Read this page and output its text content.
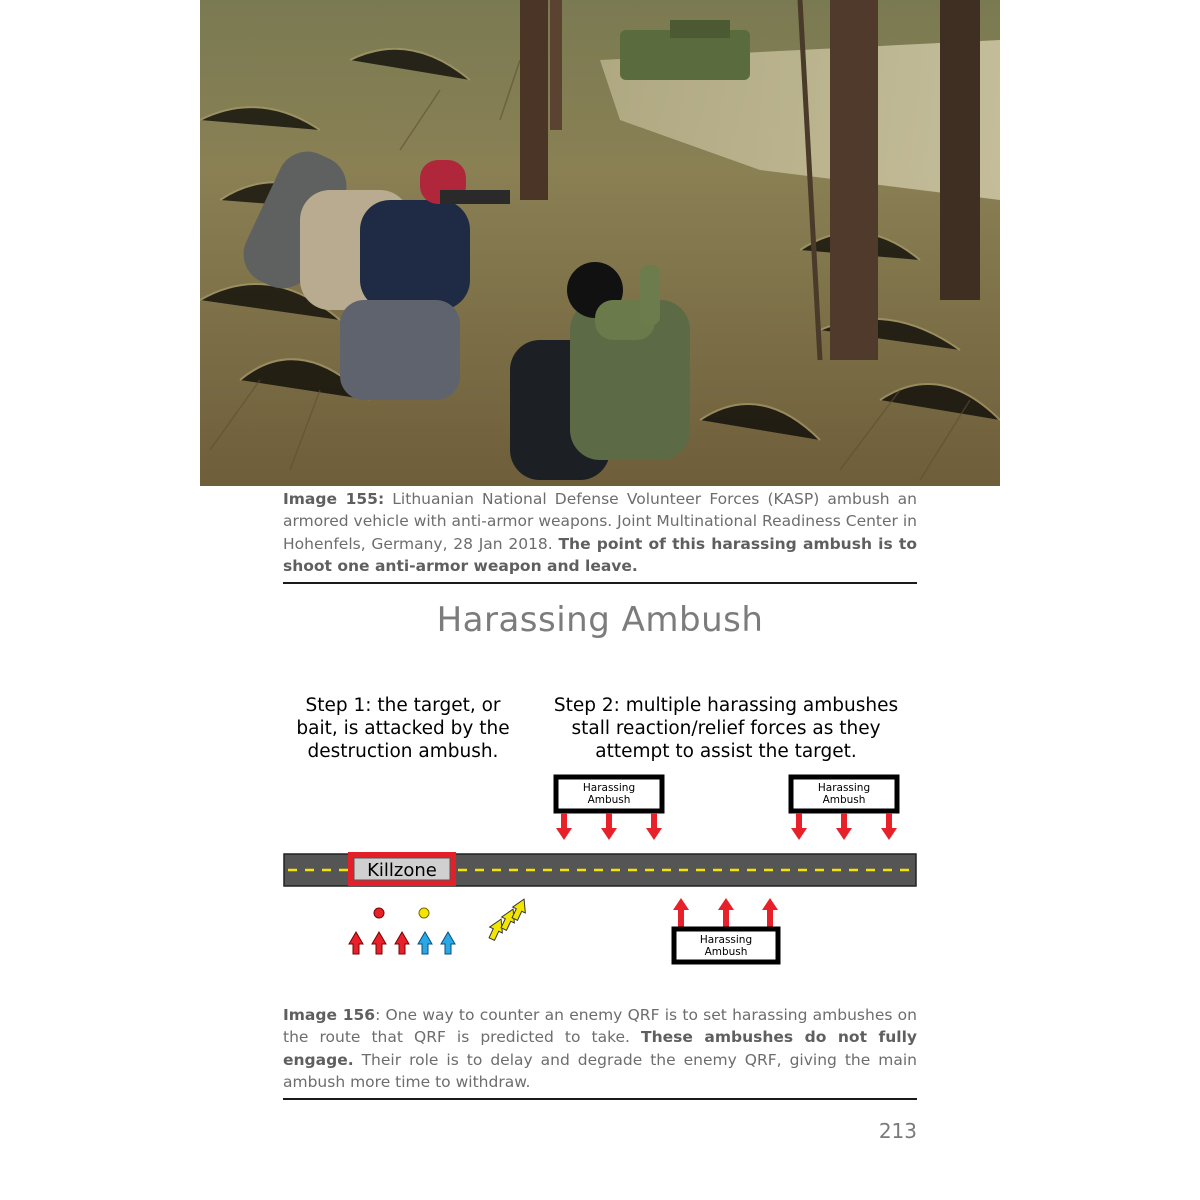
Image 155: Lithuanian National Defense Volunteer Forces (KASP) ambush an armored vehicle with anti-armor weapons. Joint Multinational Readiness Center in Hohenfels, Germany, 28 Jan 2018. The point of this harassing ambush is to shoot one anti-armor weapon and leave.
Harassing Ambush
Step 1: the target, or bait, is attacked by the destruction ambush.
Step 2: multiple harassing ambushes stall reaction/relief forces as they attempt to assist the target.
Killzone
Harassing
Ambush
Harassing
Ambush
Harassing
Ambush
Image 156: One way to counter an enemy QRF is to set harassing ambushes on the route that QRF is predicted to take. These ambushes do not fully engage. Their role is to delay and degrade the enemy QRF, giving the main ambush more time to withdraw.
213
